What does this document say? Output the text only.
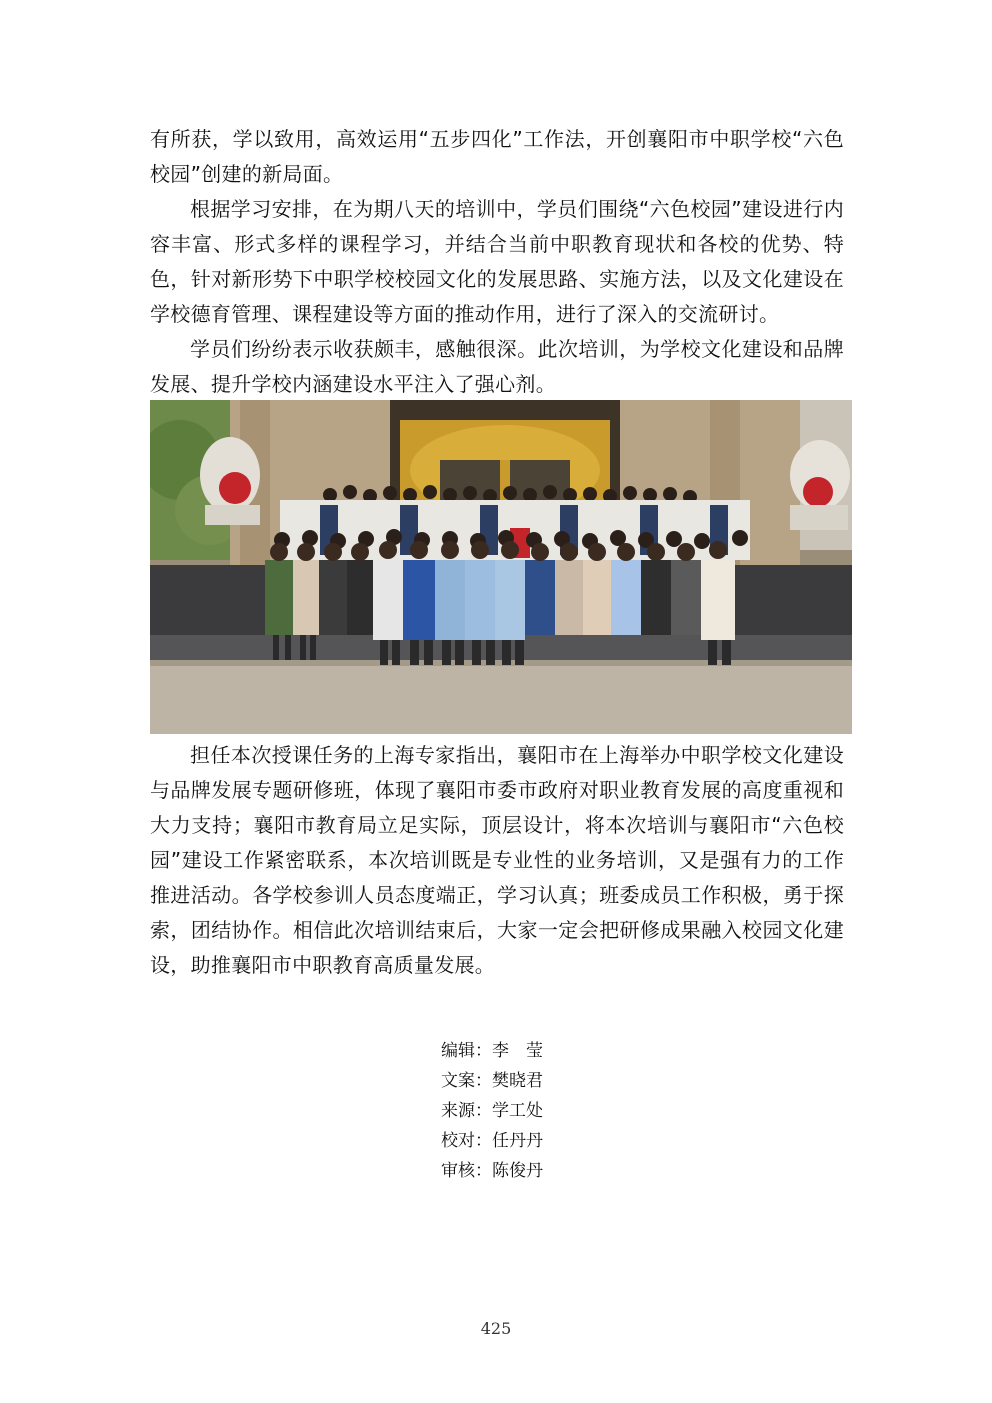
有所获，学以致用，高效运用“五步四化”工作法，开创襄阳市中职学校“六色校园”创建的新局面。

根据学习安排，在为期八天的培训中，学员们围绕“六色校园”建设进行内容丰富、形式多样的课程学习，并结合当前中职教育现状和各校的优势、特色，针对新形势下中职学校校园文化的发展思路、实施方法，以及文化建设在学校德育管理、课程建设等方面的推动作用，进行了深入的交流研讨。

学员们纷纷表示收获颇丰，感触很深。此次培训，为学校文化建设和品牌发展、提升学校内涵建设水平注入了强心剂。

担任本次授课任务的上海专家指出，襄阳市在上海举办中职学校文化建设与品牌发展专题研修班，体现了襄阳市委市政府对职业教育发展的高度重视和大力支持；襄阳市教育局立足实际，顶层设计，将本次培训与襄阳市“六色校园”建设工作紧密联系，本次培训既是专业性的业务培训，又是强有力的工作推进活动。各学校参训人员态度端正，学习认真；班委成员工作积极，勇于探索，团结协作。相信此次培训结束后，大家一定会把研修成果融入校园文化建设，助推襄阳市中职教育高质量发展。

编辑：李　莹
文案：樊晓君
来源：学工处
校对：任丹丹
审核：陈俊丹
425
